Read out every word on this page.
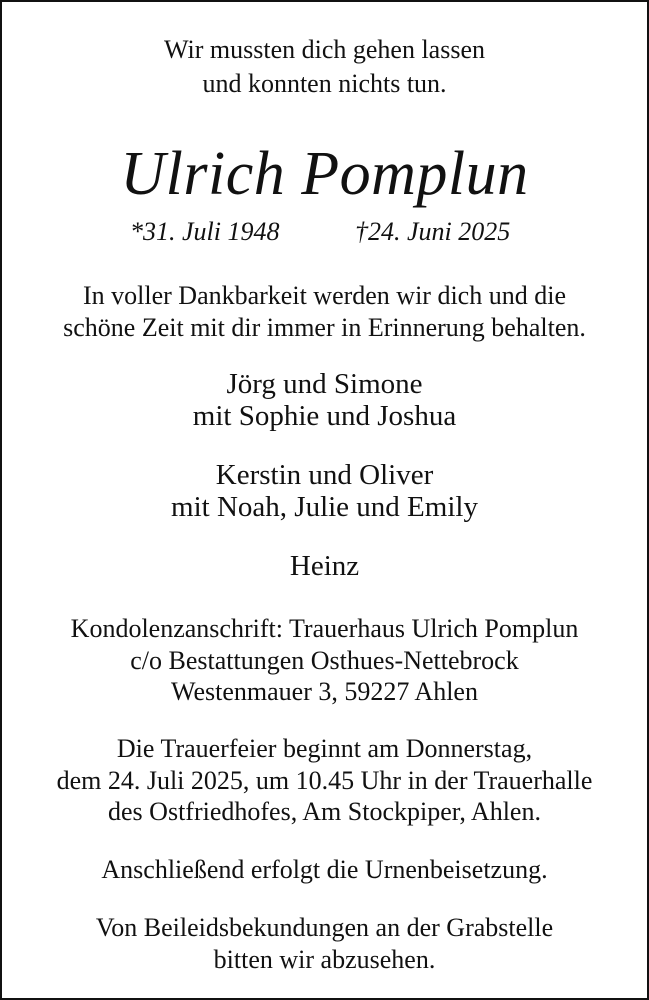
Wir mussten dich gehen lassen
und konnten nichts tun.
Ulrich Pomplun
*31. Juli 1948	†24. Juni 2025
In voller Dankbarkeit werden wir dich und die
schöne Zeit mit dir immer in Erinnerung behalten.
Jörg und Simone
mit Sophie und Joshua
Kerstin und Oliver
mit Noah, Julie und Emily
Heinz
Kondolenzanschrift: Trauerhaus Ulrich Pomplun
c/o Bestattungen Osthues-Nettebrock
Westenmauer 3, 59227 Ahlen
Die Trauerfeier beginnt am Donnerstag,
dem 24. Juli 2025, um 10.45 Uhr in der Trauerhalle
des Ostfriedhofes, Am Stockpiper, Ahlen.
Anschließend erfolgt die Urnenbeisetzung.
Von Beileidsbekundungen an der Grabstelle
bitten wir abzusehen.
